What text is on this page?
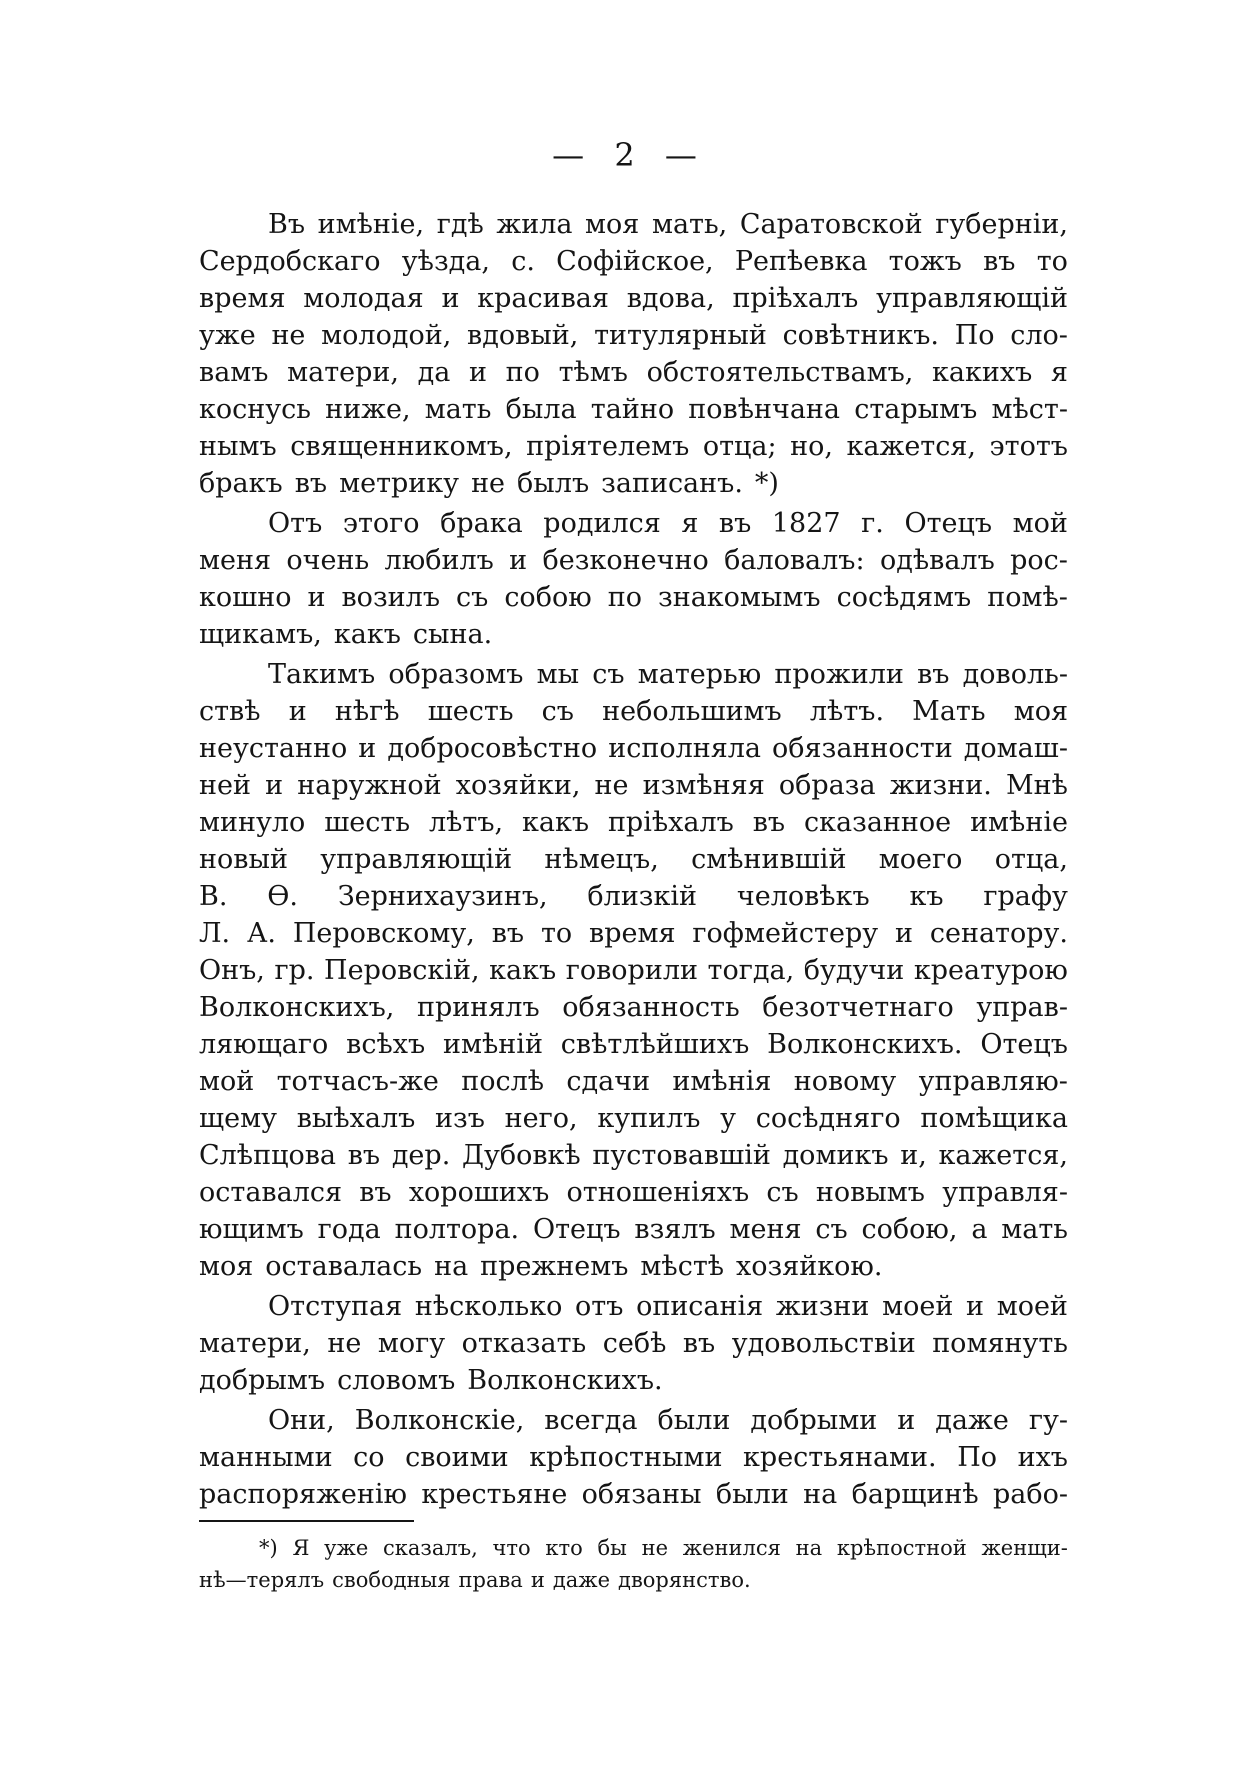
— 2 —
Въ имѣніе, гдѣ жила моя мать, Саратовской губерніи,
Сердобскаго уѣзда, с. Софійское, Репѣевка тожъ въ то
время молодая и красивая вдова, пріѣхалъ управляющій
уже не молодой, вдовый, титулярный совѣтникъ. По сло-
вамъ матери, да и по тѣмъ обстоятельствамъ, какихъ я
коснусь ниже, мать была тайно повѣнчана старымъ мѣст-
нымъ священникомъ, пріятелемъ отца; но, кажется, этотъ
бракъ въ метрику не былъ записанъ. *)
Отъ этого брака родился я въ 1827 г. Отецъ мой
меня очень любилъ и безконечно баловалъ: одѣвалъ рос-
кошно и возилъ съ собою по знакомымъ сосѣдямъ помѣ-
щикамъ, какъ сына.
Такимъ образомъ мы съ матерью прожили въ доволь-
ствѣ и нѣгѣ шесть съ небольшимъ лѣтъ. Мать моя
неустанно и добросовѣстно исполняла обязанности домаш-
ней и наружной хозяйки, не измѣняя образа жизни. Мнѣ
минуло шесть лѣтъ, какъ пріѣхалъ въ сказанное имѣніе
новый управляющій нѣмецъ, смѣнившій моего отца,
В. Ѳ. Зернихаузинъ, близкій человѣкъ къ графу
Л. А. Перовскому, въ то время гофмейстеру и сенатору.
Онъ, гр. Перовскій, какъ говорили тогда, будучи креатурою
Волконскихъ, принялъ обязанность безотчетнаго управ-
ляющаго всѣхъ имѣній свѣтлѣйшихъ Волконскихъ. Отецъ
мой тотчасъ-же послѣ сдачи имѣнія новому управляю-
щему выѣхалъ изъ него, купилъ у сосѣдняго помѣщика
Слѣпцова въ дер. Дубовкѣ пустовавшій домикъ и, кажется,
оставался въ хорошихъ отношеніяхъ съ новымъ управля-
ющимъ года полтора. Отецъ взялъ меня съ собою, а мать
моя оставалась на прежнемъ мѣстѣ хозяйкою.
Отступая нѣсколько отъ описанія жизни моей и моей
матери, не могу отказать себѣ въ удовольствіи помянуть
добрымъ словомъ Волконскихъ.
Они, Волконскіе, всегда были добрыми и даже гу-
манными со своими крѣпостными крестьянами. По ихъ
распоряженію крестьяне обязаны были на барщинѣ рабо-
*) Я уже сказалъ, что кто бы не женился на крѣпостной женщи-
нѣ—терялъ свободныя права и даже дворянство.
